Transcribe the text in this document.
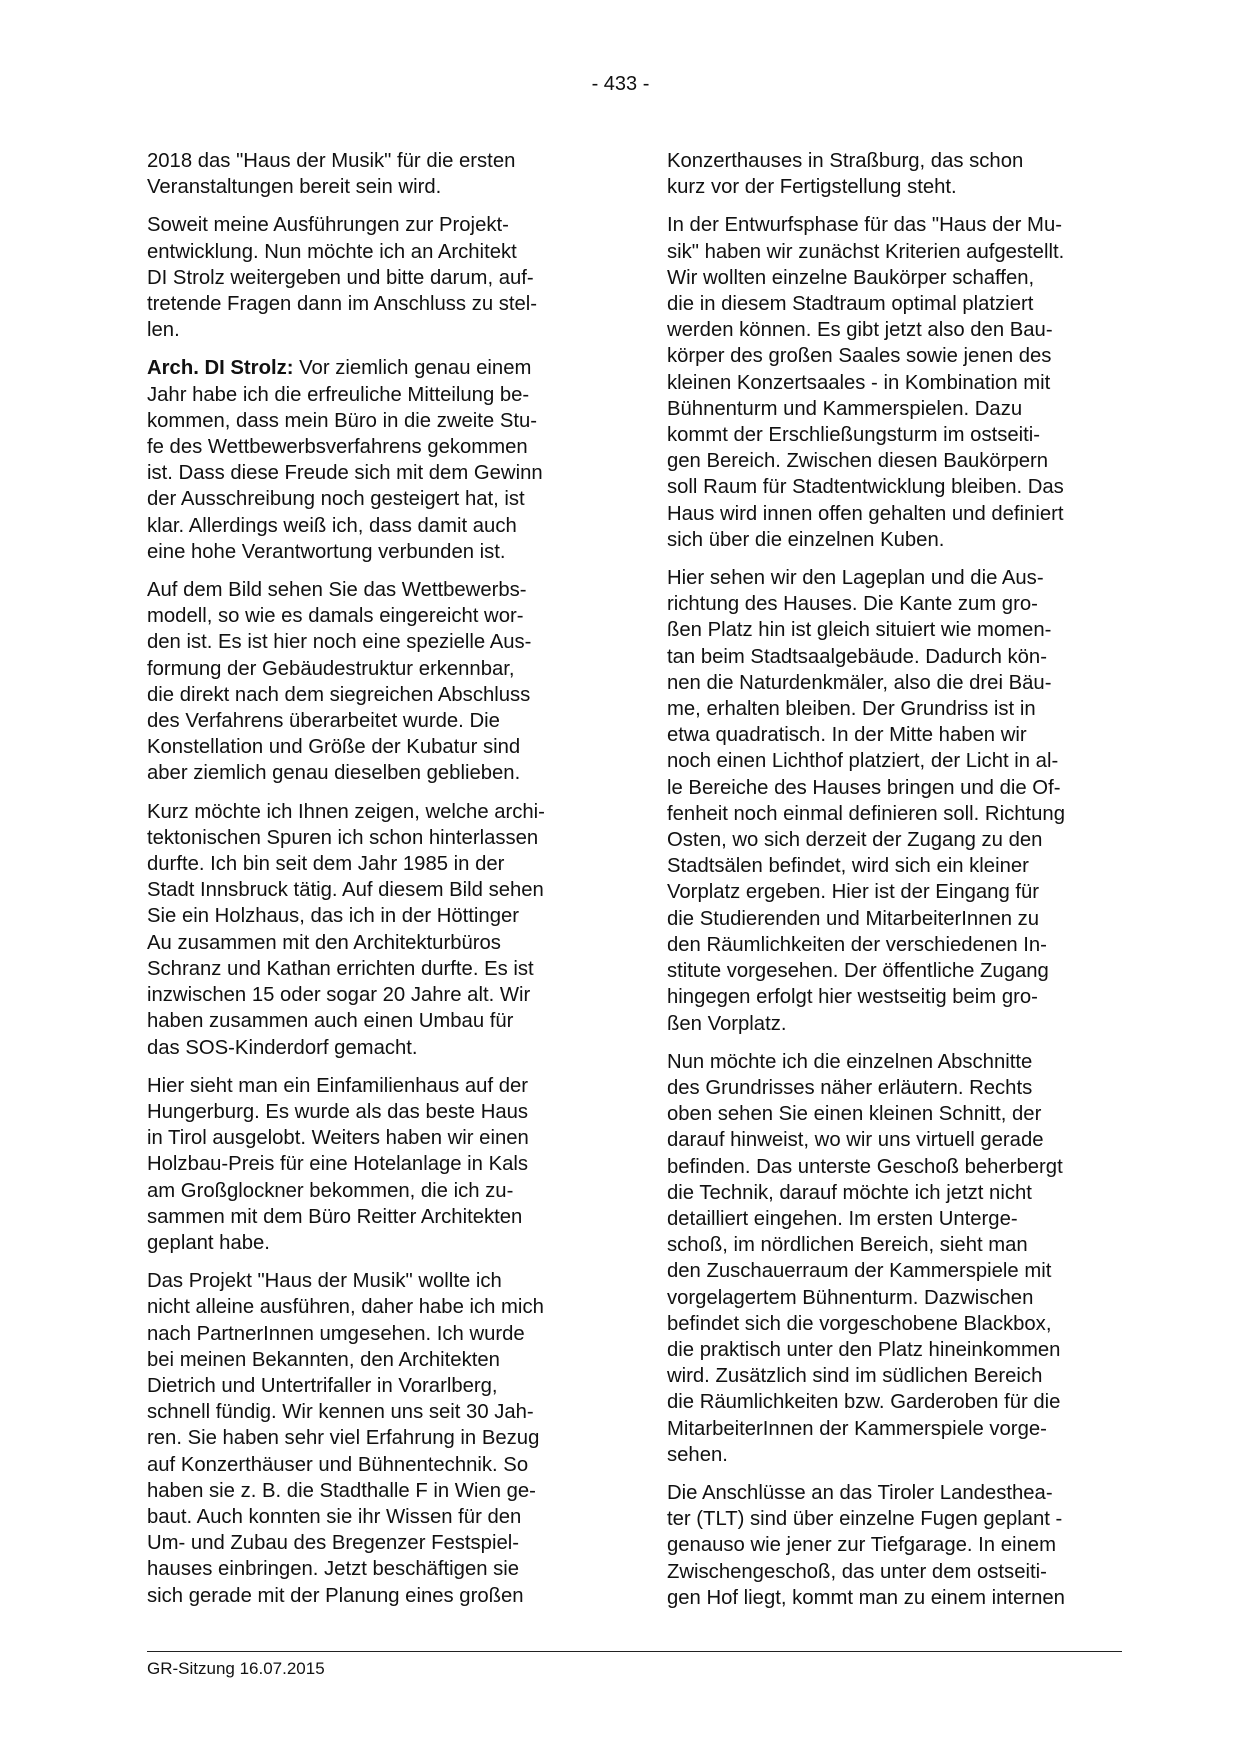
- 433 -
2018 das "Haus der Musik" für die ersten
Veranstaltungen bereit sein wird.
Soweit meine Ausführungen zur Projekt-
entwicklung. Nun möchte ich an Architekt
DI Strolz weitergeben und bitte darum, auf-
tretende Fragen dann im Anschluss zu stel-
len.
Arch. DI Strolz: Vor ziemlich genau einem
Jahr habe ich die erfreuliche Mitteilung be-
kommen, dass mein Büro in die zweite Stu-
fe des Wettbewerbsverfahrens gekommen
ist. Dass diese Freude sich mit dem Gewinn
der Ausschreibung noch gesteigert hat, ist
klar. Allerdings weiß ich, dass damit auch
eine hohe Verantwortung verbunden ist.
Auf dem Bild sehen Sie das Wettbewerbs-
modell, so wie es damals eingereicht wor-
den ist. Es ist hier noch eine spezielle Aus-
formung der Gebäudestruktur erkennbar,
die direkt nach dem siegreichen Abschluss
des Verfahrens überarbeitet wurde. Die
Konstellation und Größe der Kubatur sind
aber ziemlich genau dieselben geblieben.
Kurz möchte ich Ihnen zeigen, welche archi-
tektonischen Spuren ich schon hinterlassen
durfte. Ich bin seit dem Jahr 1985 in der
Stadt Innsbruck tätig. Auf diesem Bild sehen
Sie ein Holzhaus, das ich in der Höttinger
Au zusammen mit den Architekturbüros
Schranz und Kathan errichten durfte. Es ist
inzwischen 15 oder sogar 20 Jahre alt. Wir
haben zusammen auch einen Umbau für
das SOS-Kinderdorf gemacht.
Hier sieht man ein Einfamilienhaus auf der
Hungerburg. Es wurde als das beste Haus
in Tirol ausgelobt. Weiters haben wir einen
Holzbau-Preis für eine Hotelanlage in Kals
am Großglockner bekommen, die ich zu-
sammen mit dem Büro Reitter Architekten
geplant habe.
Das Projekt "Haus der Musik" wollte ich
nicht alleine ausführen, daher habe ich mich
nach PartnerInnen umgesehen. Ich wurde
bei meinen Bekannten, den Architekten
Dietrich und Untertrifaller in Vorarlberg,
schnell fündig. Wir kennen uns seit 30 Jah-
ren. Sie haben sehr viel Erfahrung in Bezug
auf Konzerthäuser und Bühnentechnik. So
haben sie z. B. die Stadthalle F in Wien ge-
baut. Auch konnten sie ihr Wissen für den
Um- und Zubau des Bregenzer Festspiel-
hauses einbringen. Jetzt beschäftigen sie
sich gerade mit der Planung eines großen
Konzerthauses in Straßburg, das schon
kurz vor der Fertigstellung steht.
In der Entwurfsphase für das "Haus der Mu-
sik" haben wir zunächst Kriterien aufgestellt.
Wir wollten einzelne Baukörper schaffen,
die in diesem Stadtraum optimal platziert
werden können. Es gibt jetzt also den Bau-
körper des großen Saales sowie jenen des
kleinen Konzertsaales - in Kombination mit
Bühnenturm und Kammerspielen. Dazu
kommt der Erschließungsturm im ostseiti-
gen Bereich. Zwischen diesen Baukörpern
soll Raum für Stadtentwicklung bleiben. Das
Haus wird innen offen gehalten und definiert
sich über die einzelnen Kuben.
Hier sehen wir den Lageplan und die Aus-
richtung des Hauses. Die Kante zum gro-
ßen Platz hin ist gleich situiert wie momen-
tan beim Stadtsaalgebäude. Dadurch kön-
nen die Naturdenkmäler, also die drei Bäu-
me, erhalten bleiben. Der Grundriss ist in
etwa quadratisch. In der Mitte haben wir
noch einen Lichthof platziert, der Licht in al-
le Bereiche des Hauses bringen und die Of-
fenheit noch einmal definieren soll. Richtung
Osten, wo sich derzeit der Zugang zu den
Stadtsälen befindet, wird sich ein kleiner
Vorplatz ergeben. Hier ist der Eingang für
die Studierenden und MitarbeiterInnen zu
den Räumlichkeiten der verschiedenen In-
stitute vorgesehen. Der öffentliche Zugang
hingegen erfolgt hier westseitig beim gro-
ßen Vorplatz.
Nun möchte ich die einzelnen Abschnitte
des Grundrisses näher erläutern. Rechts
oben sehen Sie einen kleinen Schnitt, der
darauf hinweist, wo wir uns virtuell gerade
befinden. Das unterste Geschoß beherbergt
die Technik, darauf möchte ich jetzt nicht
detailliert eingehen. Im ersten Unterge-
schoß, im nördlichen Bereich, sieht man
den Zuschauerraum der Kammerspiele mit
vorgelagertem Bühnenturm. Dazwischen
befindet sich die vorgeschobene Blackbox,
die praktisch unter den Platz hineinkommen
wird. Zusätzlich sind im südlichen Bereich
die Räumlichkeiten bzw. Garderoben für die
MitarbeiterInnen der Kammerspiele vorge-
sehen.
Die Anschlüsse an das Tiroler Landesthea-
ter (TLT) sind über einzelne Fugen geplant -
genauso wie jener zur Tiefgarage. In einem
Zwischengeschoß, das unter dem ostseiti-
gen Hof liegt, kommt man zu einem internen
GR-Sitzung 16.07.2015
